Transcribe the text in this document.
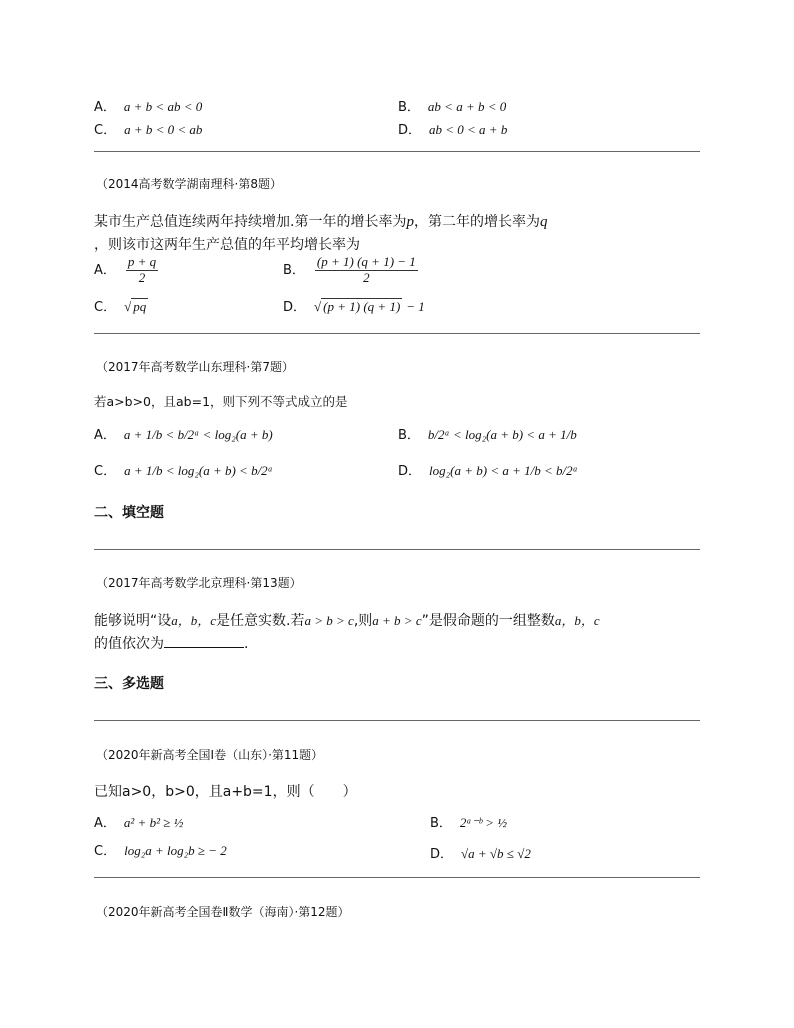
A． a + b < ab < 0	B． ab < a + b < 0
C． a + b < 0 < ab	D． ab < 0 < a + b
（2014高考数学湖南理科·第8题）
某市生产总值连续两年持续增加.第一年的增长率为p，第二年的增长率为q
，则该市这两年生产总值的年平均增长率为
A． $\frac{p + q}{2}$	B． $\frac{(p + 1) (q + 1) - 1}{2}$
C． √ pq	D． √ (p + 1) (q + 1) − 1
（2017年高考数学山东理科·第7题）
若a>b>0，且ab=1，则下列不等式成立的是
A． a + 1/b < b/2ᵃ < log₂(a + b)	B． b/2ᵃ < log₂(a + b) < a + 1/b
C． a + 1/b < log₂(a + b) < b/2ᵃ	D． log₂(a + b) < a + 1/b < b/2ᵃ
二、填空题
（2017年高考数学北京理科·第13题）
能够说明“设a，b，c是任意实数.若a > b > c,则a + b > c”是假命题的一组整数a，b，c
的值依次为	.
三、多选题
（2020年新高考全国Ⅰ卷（山东）·第11题）
已知a>0，b>0，且a+b=1，则（　　）
A． a² + b² ≥ ½	B． 2ᵃ⁻ᵇ > ½
C． log₂a + log₂b ≥ − 2	D． √a + √b ≤ √2
（2020年新高考全国卷Ⅱ数学（海南）·第12题）
